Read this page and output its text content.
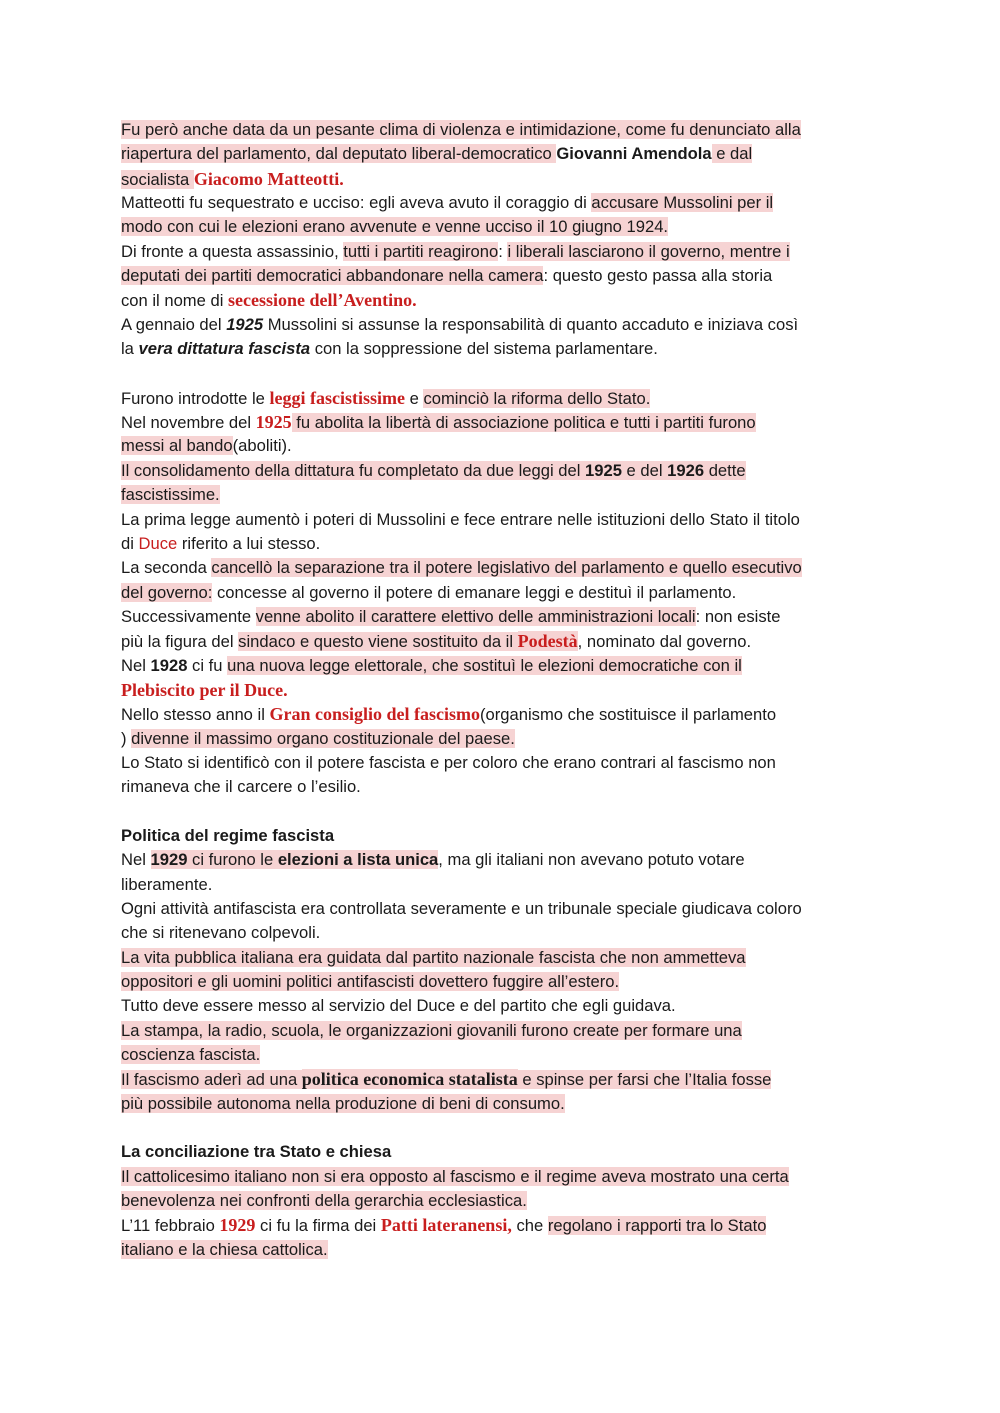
Fu però anche data da un pesante clima di violenza e intimidazione, come fu denunciato alla
riapertura del parlamento, dal deputato liberal-democratico Giovanni Amendola e dal
socialista Giacomo Matteotti.
Matteotti fu sequestrato e ucciso: egli aveva avuto il coraggio di accusare Mussolini per il
modo con cui le elezioni erano avvenute e venne ucciso il 10 giugno 1924.
Di fronte a questa assassinio, tutti i partiti reagirono: i liberali lasciarono il governo, mentre i
deputati dei partiti democratici abbandonare nella camera: questo gesto passa alla storia
con il nome di secessione dell’Aventino.
A gennaio del 1925 Mussolini si assunse la responsabilità di quanto accaduto e iniziava così
la vera dittatura fascista con la soppressione del sistema parlamentare.
Furono introdotte le leggi fascistissime e cominciò la riforma dello Stato.
Nel novembre del 1925 fu abolita la libertà di associazione politica e tutti i partiti furono
messi al bando(aboliti).
Il consolidamento della dittatura fu completato da due leggi del 1925 e del 1926 dette
fascistissime.
La prima legge aumentò i poteri di Mussolini e fece entrare nelle istituzioni dello Stato il titolo
di Duce riferito a lui stesso.
La seconda cancellò la separazione tra il potere legislativo del parlamento e quello esecutivo
del governo: concesse al governo il potere di emanare leggi e destituì il parlamento.
Successivamente venne abolito il carattere elettivo delle amministrazioni locali: non esiste
più la figura del sindaco e questo viene sostituito da il Podestà, nominato dal governo.
Nel 1928 ci fu una nuova legge elettorale, che sostituì le elezioni democratiche con il
Plebiscito per il Duce.
Nello stesso anno il Gran consiglio del fascismo(organismo che sostituisce il parlamento
) divenne il massimo organo costituzionale del paese.
Lo Stato si identificò con il potere fascista e per coloro che erano contrari al fascismo non
rimaneva che il carcere o l’esilio.
Politica del regime fascista
Nel 1929 ci furono le elezioni a lista unica, ma gli italiani non avevano potuto votare
liberamente.
Ogni attività antifascista era controllata severamente e un tribunale speciale giudicava coloro
che si ritenevano colpevoli.
La vita pubblica italiana era guidata dal partito nazionale fascista che non ammetteva
oppositori e gli uomini politici antifascisti dovettero fuggire all’estero.
Tutto deve essere messo al servizio del Duce e del partito che egli guidava.
La stampa, la radio, scuola, le organizzazioni giovanili furono create per formare una
coscienza fascista.
Il fascismo aderì ad una politica economica statalista e spinse per farsi che l’Italia fosse
più possibile autonoma nella produzione di beni di consumo.
La conciliazione tra Stato e chiesa
Il cattolicesimo italiano non si era opposto al fascismo e il regime aveva mostrato una certa
benevolenza nei confronti della gerarchia ecclesiastica.
L’11 febbraio 1929 ci fu la firma dei Patti lateranensi, che regolano i rapporti tra lo Stato
italiano e la chiesa cattolica.
